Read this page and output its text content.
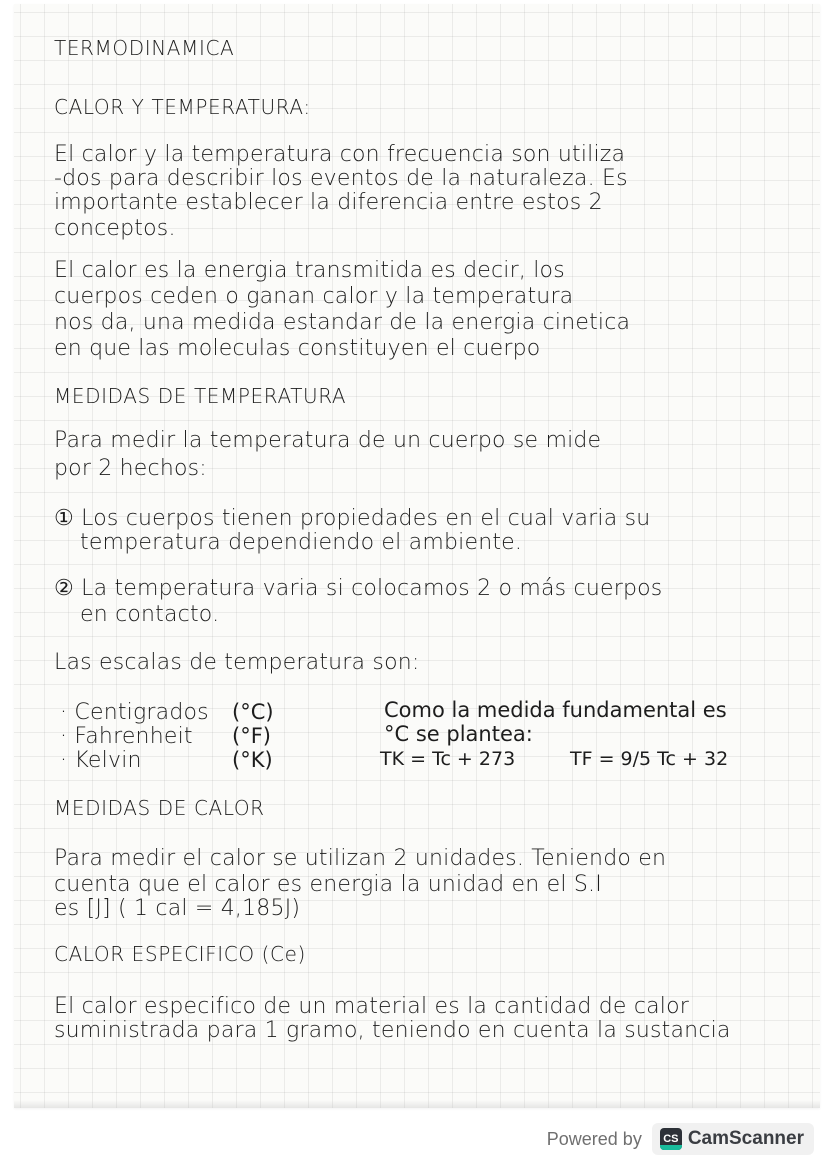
TERMODINAMICA
CALOR Y TEMPERATURA:
El calor y la temperatura con frecuencia son utiliza
-dos para describir los eventos de la naturaleza. Es
importante establecer la diferencia entre estos 2
conceptos.
El calor es la energia transmitida es decir, los
cuerpos ceden o ganan calor y la temperatura
nos da, una medida estandar de la energia cinetica
en que las moleculas constituyen el cuerpo
MEDIDAS DE TEMPERATURA
Para medir la temperatura de un cuerpo se mide
por 2 hechos:
① Los cuerpos tienen propiedades en el cual varia su
temperatura dependiendo el ambiente.
② La temperatura varia si colocamos 2 o más cuerpos
en contacto.
Las escalas de temperatura son:
· Centigrados (°C)
· Fahrenheit (°F)
· Kelvin	(°K)
Como la medida fundamental es
°C se plantea:
TK = Tc + 273	TF = 9/5 Tc + 32
MEDIDAS DE CALOR
Para medir el calor se utilizan 2 unidades. Teniendo en
cuenta que el calor es energia la unidad en el S.I
es [J] ( 1 cal = 4,185J)
CALOR ESPECIFICO (Ce)
El calor especifico de un material es la cantidad de calor
suministrada para 1 gramo, teniendo en cuenta la sustancia
Powered by	CS CamScanner
